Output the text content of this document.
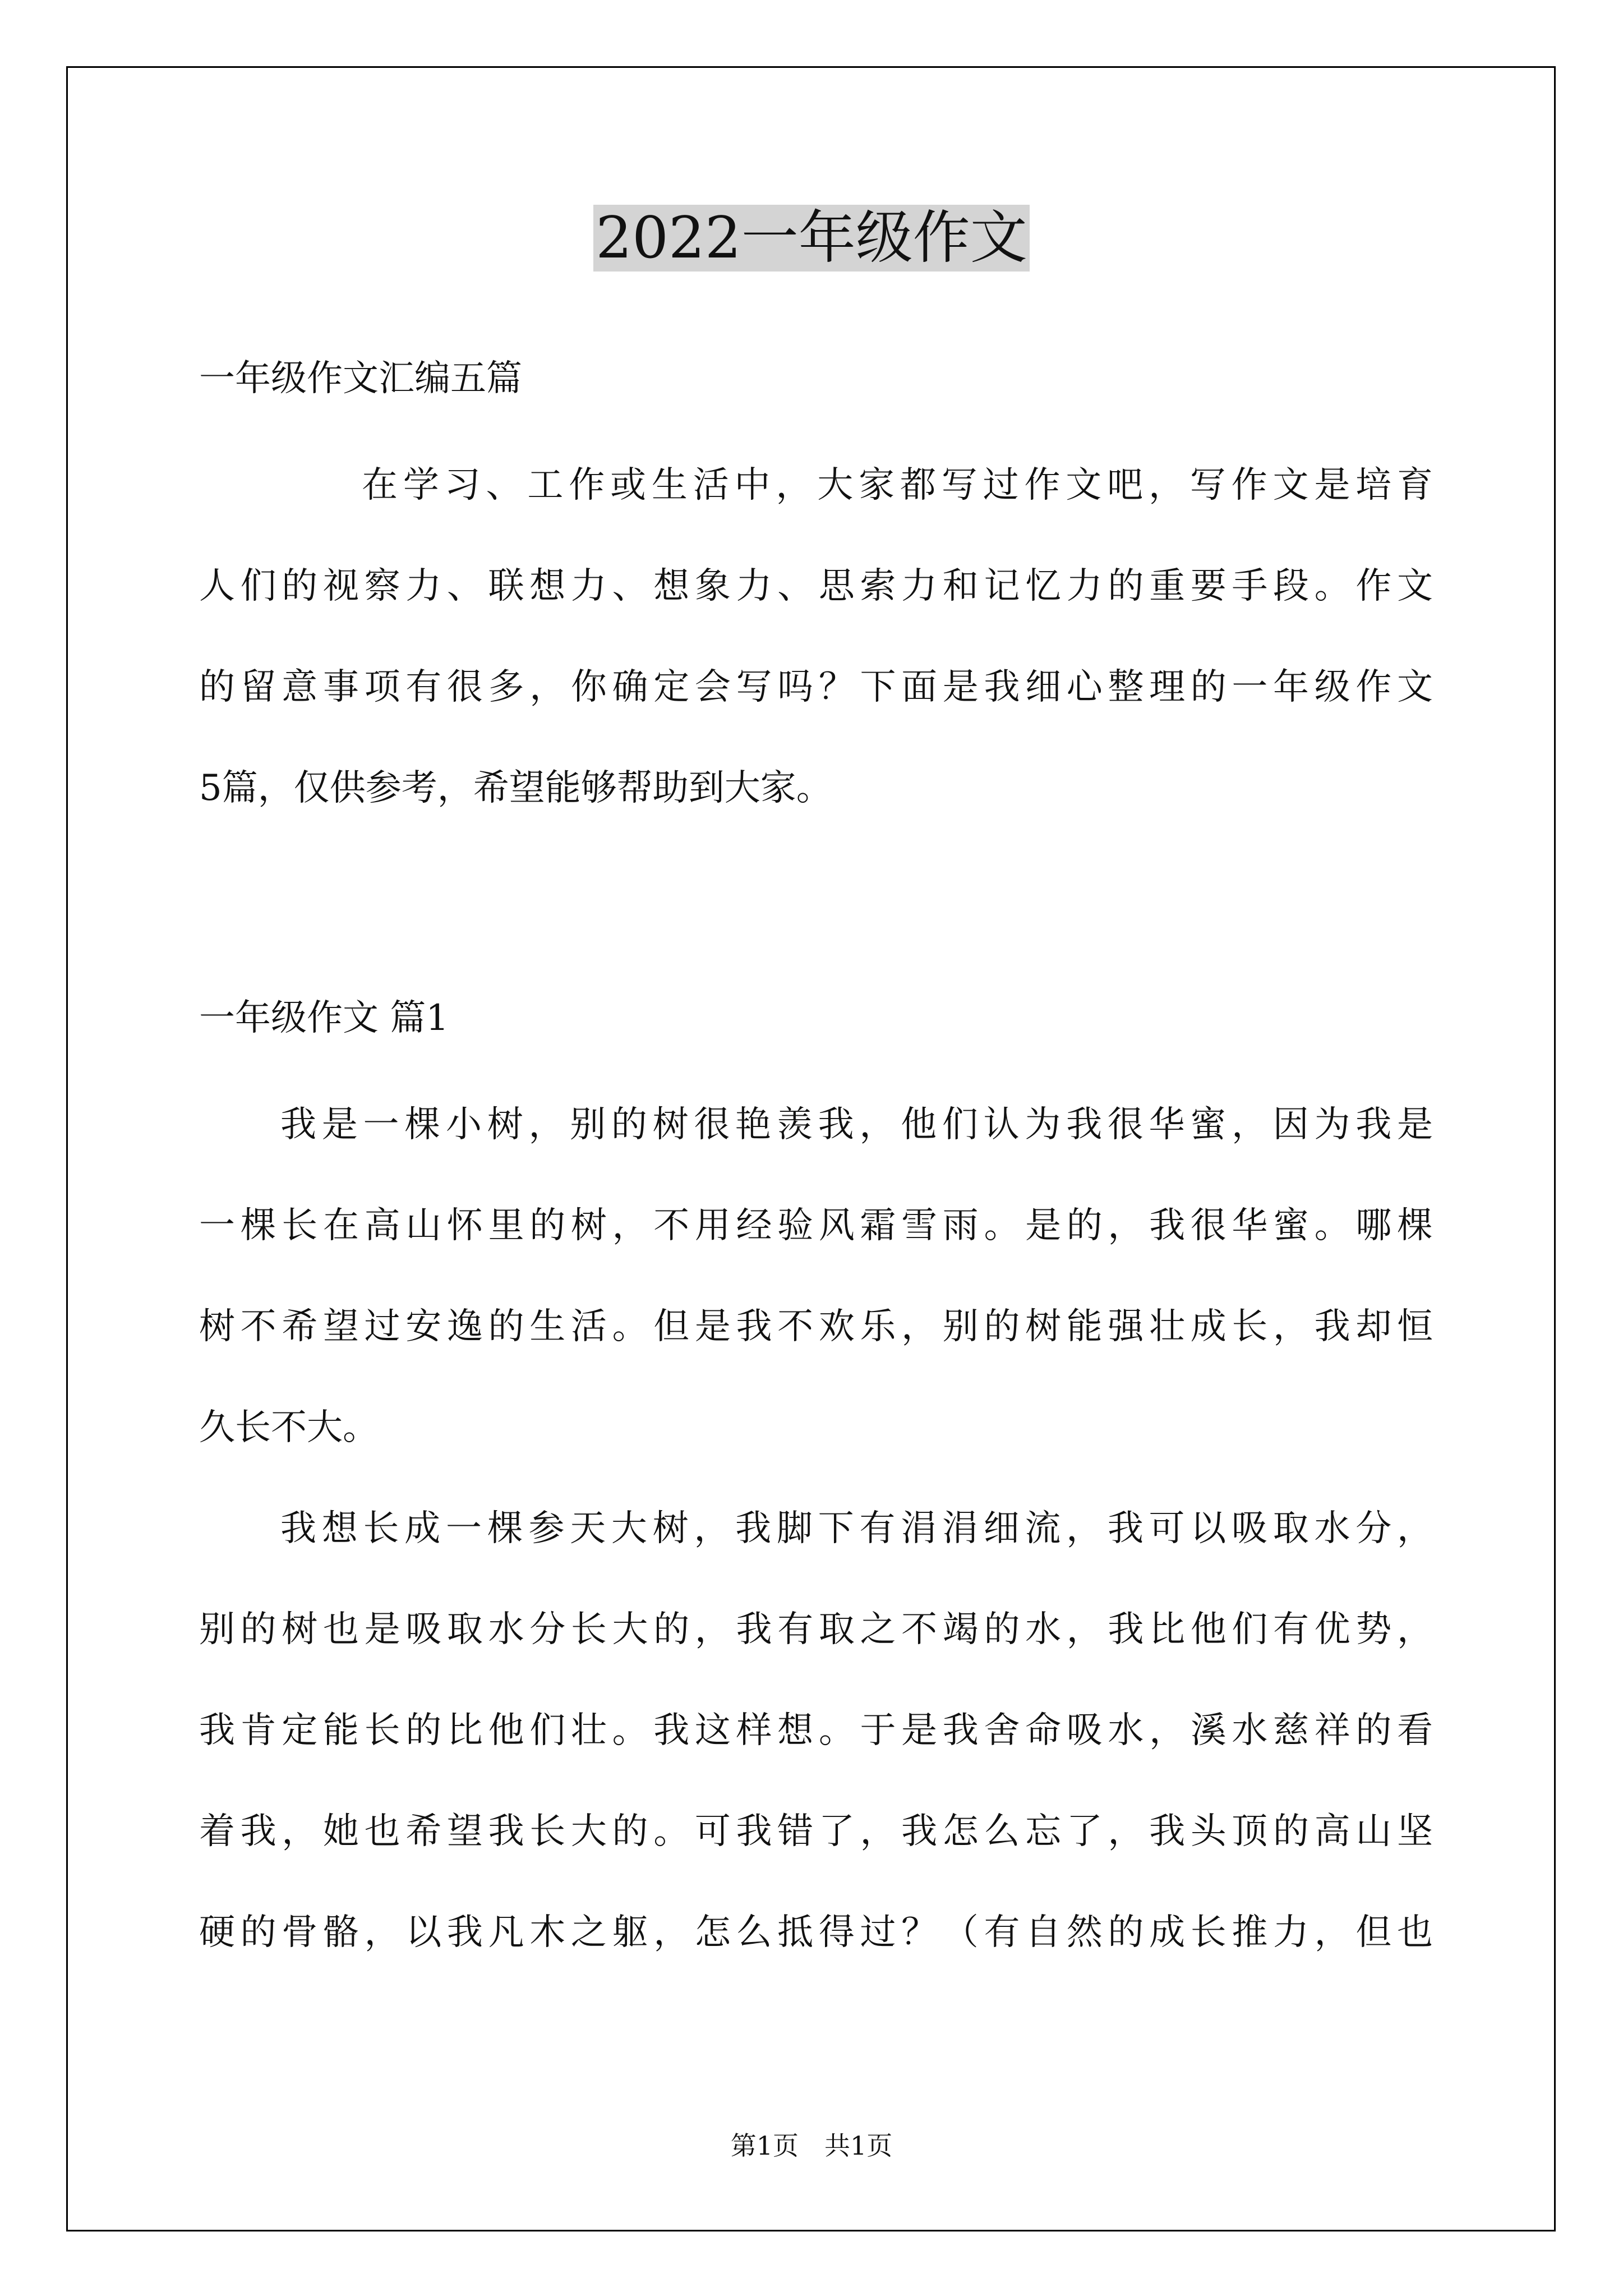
2022一年级作文
一年级作文汇编五篇
在学习、工作或生活中，大家都写过作文吧，写作文是培育
人们的视察力、联想力、想象力、思索力和记忆力的重要手段。作文
的留意事项有很多，你确定会写吗？下面是我细心整理的一年级作文
5篇，仅供参考，希望能够帮助到大家。
一年级作文 篇1
我是一棵小树，别的树很艳羡我，他们认为我很华蜜，因为我是
一棵长在高山怀里的树，不用经验风霜雪雨。是的，我很华蜜。哪棵
树不希望过安逸的生活。但是我不欢乐，别的树能强壮成长，我却恒
久长不大。
我想长成一棵参天大树，我脚下有涓涓细流，我可以吸取水分，
别的树也是吸取水分长大的，我有取之不竭的水，我比他们有优势，
我肯定能长的比他们壮。我这样想。于是我舍命吸水，溪水慈祥的看
着我，她也希望我长大的。可我错了，我怎么忘了，我头顶的高山坚
硬的骨骼，以我凡木之躯，怎么抵得过？（有自然的成长推力，但也
第1页　共1页
